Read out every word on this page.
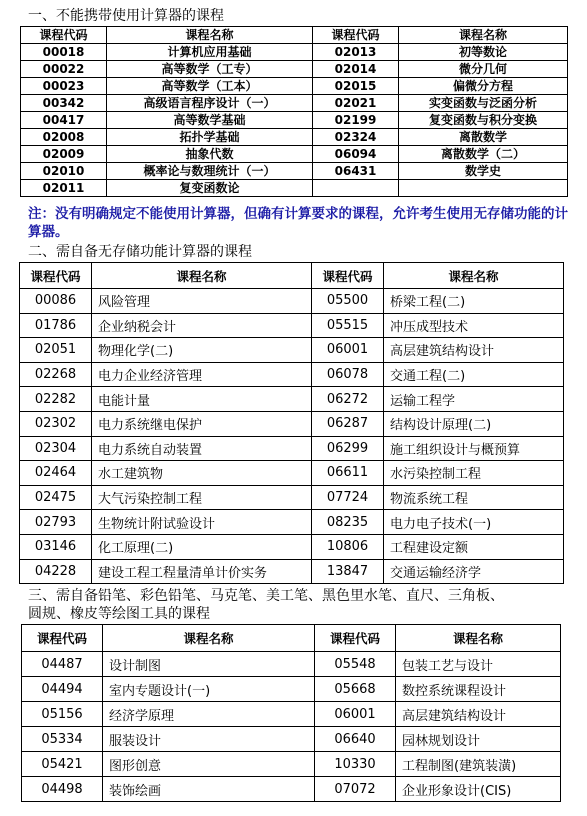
一、不能携带使用计算器的课程
课程代码	课程名称	课程代码	课程名称
00018	计算机应用基础	02013	初等数论
00022	高等数学（工专）	02014	微分几何
00023	高等数学（工本）	02015	偏微分方程
00342	高级语言程序设计（一）	02021	实变函数与泛函分析
00417	高等数学基础	02199	复变函数与积分变换
02008	拓扑学基础	02324	离散数学
02009	抽象代数	06094	离散数学（二）
02010	概率论与数理统计（一）	06431	数学史
02011	复变函数论		
注：没有明确规定不能使用计算器，但确有计算要求的课程，允许考生使用无存储功能的计算器。
二、需自备无存储功能计算器的课程
课程代码	课程名称	课程代码	课程名称
00086	风险管理	05500	桥梁工程(二)
01786	企业纳税会计	05515	冲压成型技术
02051	物理化学(二)	06001	高层建筑结构设计
02268	电力企业经济管理	06078	交通工程(二)
02282	电能计量	06272	运输工程学
02302	电力系统继电保护	06287	结构设计原理(二)
02304	电力系统自动装置	06299	施工组织设计与概预算
02464	水工建筑物	06611	水污染控制工程
02475	大气污染控制工程	07724	物流系统工程
02793	生物统计附试验设计	08235	电力电子技术(一)
03146	化工原理(二)	10806	工程建设定额
04228	建设工程工程量清单计价实务	13847	交通运输经济学
三、需自备铅笔、彩色铅笔、马克笔、美工笔、黑色里水笔、直尺、三角板、
圆规、橡皮等绘图工具的课程
课程代码	课程名称	课程代码	课程名称
04487	设计制图	05548	包装工艺与设计
04494	室内专题设计(一)	05668	数控系统课程设计
05156	经济学原理	06001	高层建筑结构设计
05334	服装设计	06640	园林规划设计
05421	图形创意	10330	工程制图(建筑装潢)
04498	装饰绘画	07072	企业形象设计(CIS)
